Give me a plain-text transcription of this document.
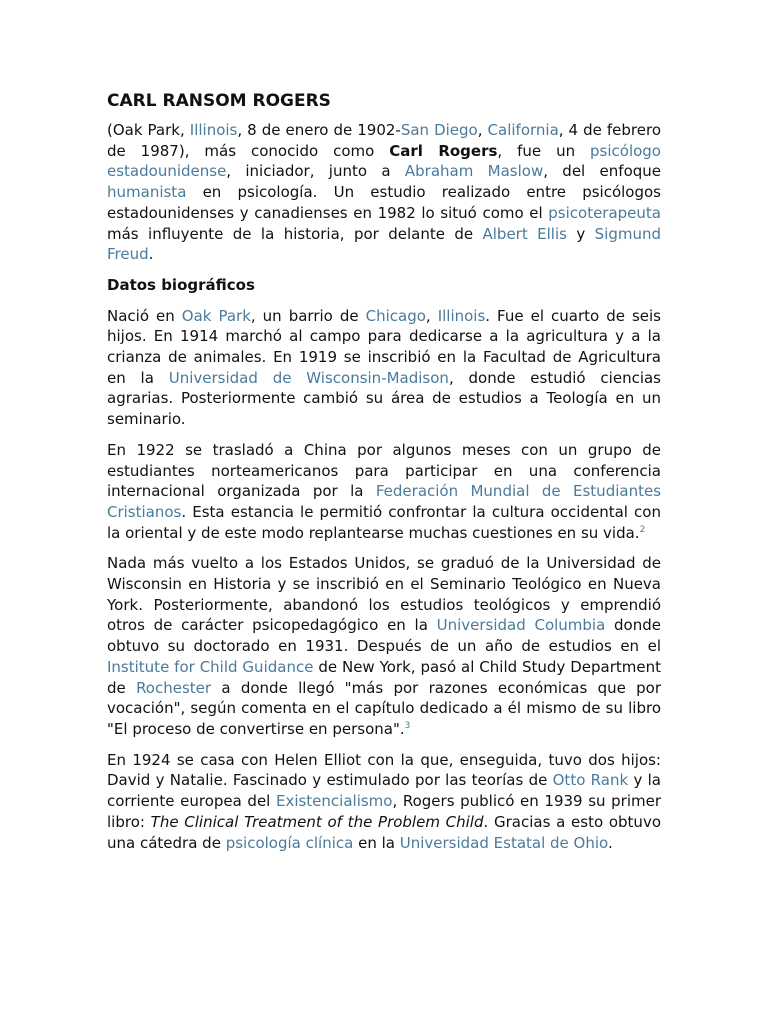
CARL RANSOM ROGERS

(Oak Park, Illinois, 8 de enero de 1902-San Diego, California, 4 de febrero de 1987), más conocido como Carl Rogers, fue un psicólogo estadounidense, iniciador, junto a Abraham Maslow, del enfoque humanista en psicología. Un estudio realizado entre psicólogos estadounidenses y canadienses en 1982 lo situó como el psicoterapeuta más influyente de la historia, por delante de Albert Ellis y Sigmund Freud.

Datos biográficos

Nació en Oak Park, un barrio de Chicago, Illinois. Fue el cuarto de seis hijos. En 1914 marchó al campo para dedicarse a la agricultura y a la crianza de animales. En 1919 se inscribió en la Facultad de Agricultura en la Universidad de Wisconsin-Madison, donde estudió ciencias agrarias. Posteriormente cambió su área de estudios a Teología en un seminario.

En 1922 se trasladó a China por algunos meses con un grupo de estudiantes norteamericanos para participar en una conferencia internacional organizada por la Federación Mundial de Estudiantes Cristianos. Esta estancia le permitió confrontar la cultura occidental con la oriental y de este modo replantearse muchas cuestiones en su vida.$^2$

Nada más vuelto a los Estados Unidos, se graduó de la Universidad de Wisconsin en Historia y se inscribió en el Seminario Teológico en Nueva York. Posteriormente, abandonó los estudios teológicos y emprendió otros de carácter psicopedagógico en la Universidad Columbia donde obtuvo su doctorado en 1931. Después de un año de estudios en el Institute for Child Guidance de New York, pasó al Child Study Department de Rochester a donde llegó "más por razones económicas que por vocación", según comenta en el capítulo dedicado a él mismo de su libro "El proceso de convertirse en persona".$^3$

En 1924 se casa con Helen Elliot con la que, enseguida, tuvo dos hijos: David y Natalie. Fascinado y estimulado por las teorías de Otto Rank y la corriente europea del Existencialismo, Rogers publicó en 1939 su primer libro: The Clinical Treatment of the Problem Child. Gracias a esto obtuvo una cátedra de psicología clínica en la Universidad Estatal de Ohio.
